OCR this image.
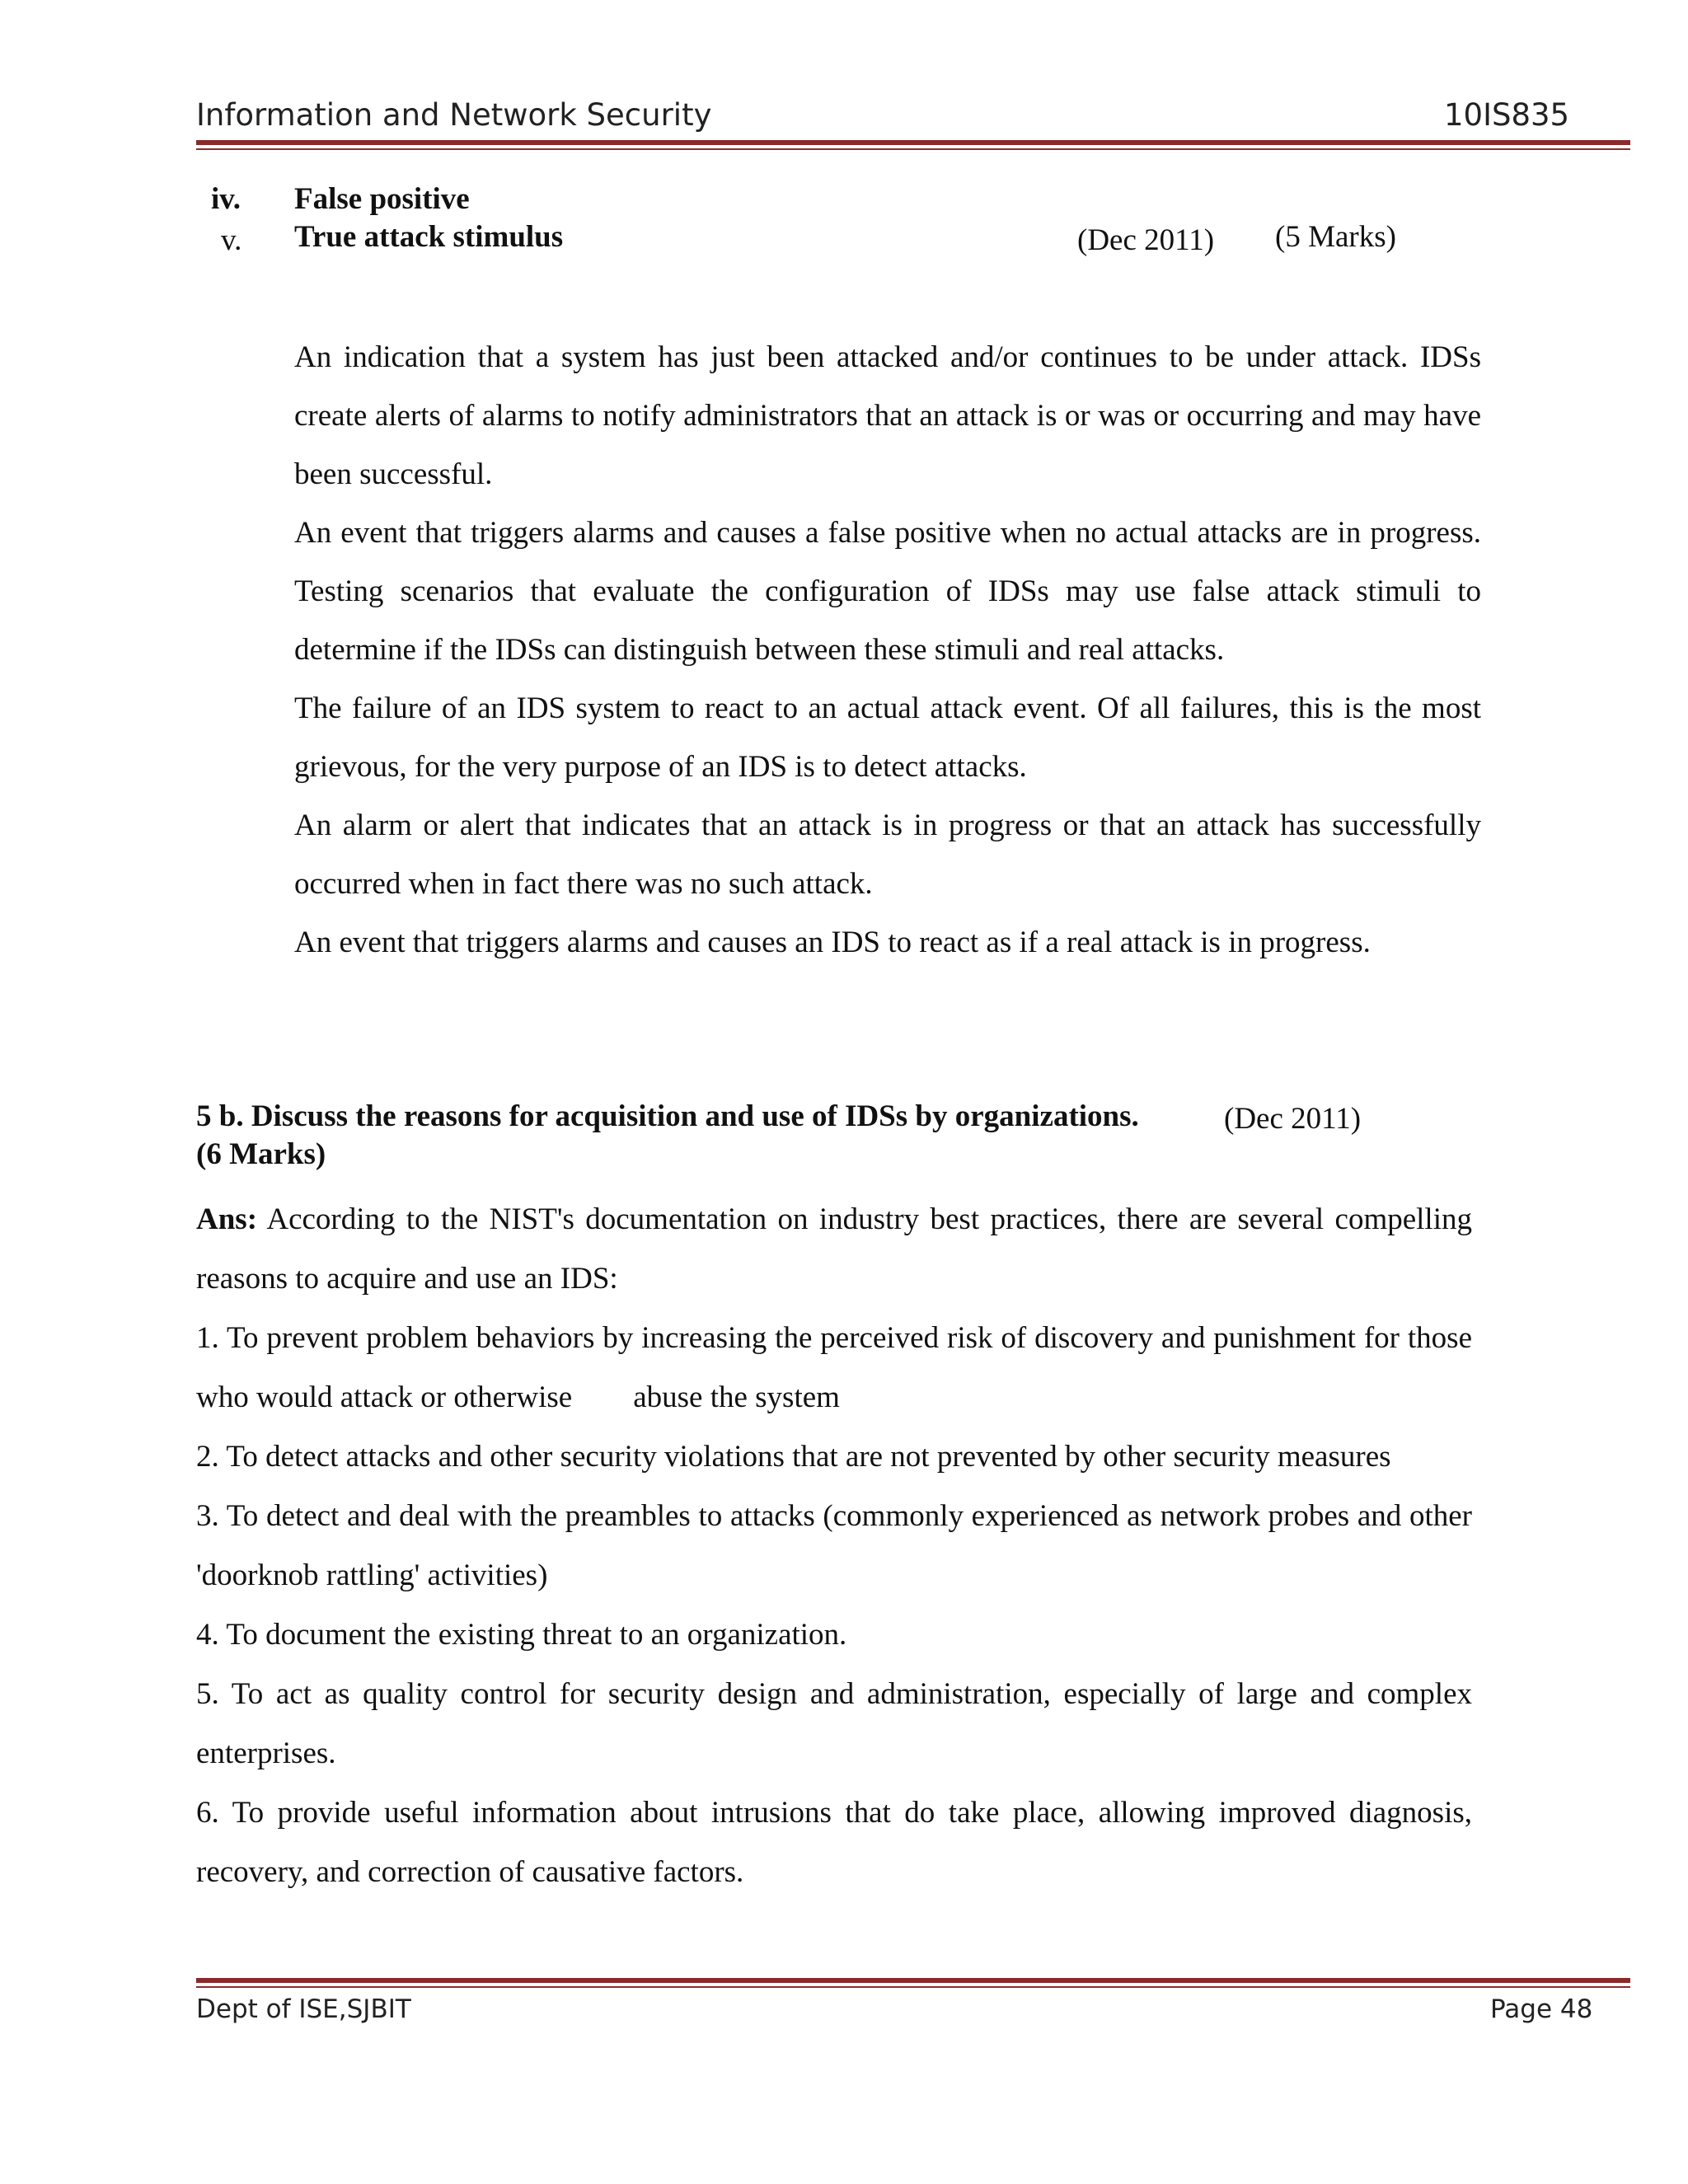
Information and Network Security	10IS835
iv. False positive
v. True attack stimulus	(Dec 2011) (5 Marks)

An indication that a system has just been attacked and/or continues to be under attack. IDSs create alerts of alarms to notify administrators that an attack is or was or occurring and may have been successful.

An event that triggers alarms and causes a false positive when no actual attacks are in progress. Testing scenarios that evaluate the configuration of IDSs may use false attack stimuli to determine if the IDSs can distinguish between these stimuli and real attacks.

The failure of an IDS system to react to an actual attack event. Of all failures, this is the most grievous, for the very purpose of an IDS is to detect attacks.

An alarm or alert that indicates that an attack is in progress or that an attack has successfully occurred when in fact there was no such attack.

An event that triggers alarms and causes an IDS to react as if a real attack is in progress.

5 b. Discuss the reasons for acquisition and use of IDSs by organizations.	(Dec 2011)
(6 Marks)

Ans: According to the NIST's documentation on industry best practices, there are several compelling reasons to acquire and use an IDS:

1. To prevent problem behaviors by increasing the perceived risk of discovery and punishment for those who would attack or otherwise        abuse the system

2. To detect attacks and other security violations that are not prevented by other security measures

3. To detect and deal with the preambles to attacks (commonly experienced as network probes and other 'doorknob rattling' activities)

4. To document the existing threat to an organization.

5. To act as quality control for security design and administration, especially of large and complex enterprises.

6. To provide useful information about intrusions that do take place, allowing improved diagnosis, recovery, and correction of causative factors.

Dept of ISE,SJBIT	Page 48
